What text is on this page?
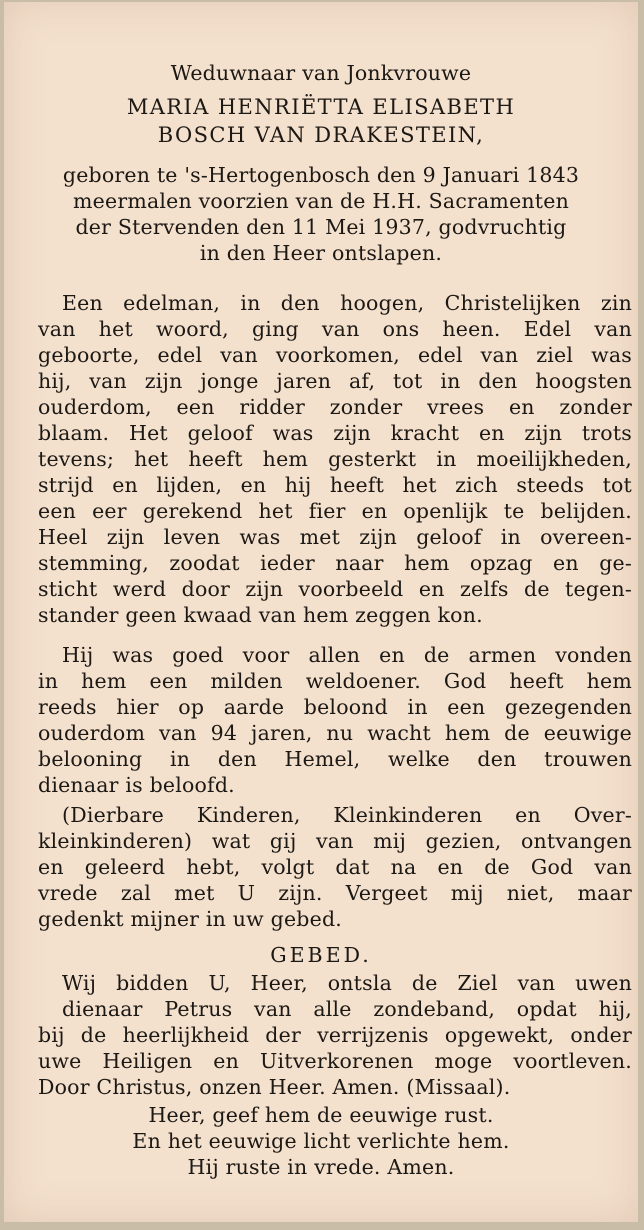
Weduwnaar van Jonkvrouwe
MARIA HENRIËTTA ELISABETH
BOSCH VAN DRAKESTEIN,
geboren te 's-Hertogenbosch den 9 Januari 1843
meermalen voorzien van de H.H. Sacramenten
der Stervenden den 11 Mei 1937, godvruchtig
in den Heer ontslapen.
Een edelman, in den hoogen, Christelijken zin
van het woord, ging van ons heen. Edel van
geboorte, edel van voorkomen, edel van ziel was
hij, van zijn jonge jaren af, tot in den hoogsten
ouderdom, een ridder zonder vrees en zonder
blaam. Het geloof was zijn kracht en zijn trots
tevens; het heeft hem gesterkt in moeilijkheden,
strijd en lijden, en hij heeft het zich steeds tot
een eer gerekend het fier en openlijk te belijden.
Heel zijn leven was met zijn geloof in overeen-
stemming, zoodat ieder naar hem opzag en ge-
sticht werd door zijn voorbeeld en zelfs de tegen-
stander geen kwaad van hem zeggen kon.
Hij was goed voor allen en de armen vonden
in hem een milden weldoener. God heeft hem
reeds hier op aarde beloond in een gezegenden
ouderdom van 94 jaren, nu wacht hem de eeuwige
belooning in den Hemel, welke den trouwen
dienaar is beloofd.
(Dierbare Kinderen, Kleinkinderen en Over-
kleinkinderen) wat gij van mij gezien, ontvangen
en geleerd hebt, volgt dat na en de God van
vrede zal met U zijn. Vergeet mij niet, maar
gedenkt mijner in uw gebed.
GEBED.
Wij bidden U, Heer, ontsla de Ziel van uwen
dienaar Petrus van alle zondeband, opdat hij,
bij de heerlijkheid der verrijzenis opgewekt, onder
uwe Heiligen en Uitverkorenen moge voortleven.
Door Christus, onzen Heer. Amen. (Missaal).
Heer, geef hem de eeuwige rust.
En het eeuwige licht verlichte hem.
Hij ruste in vrede. Amen.
